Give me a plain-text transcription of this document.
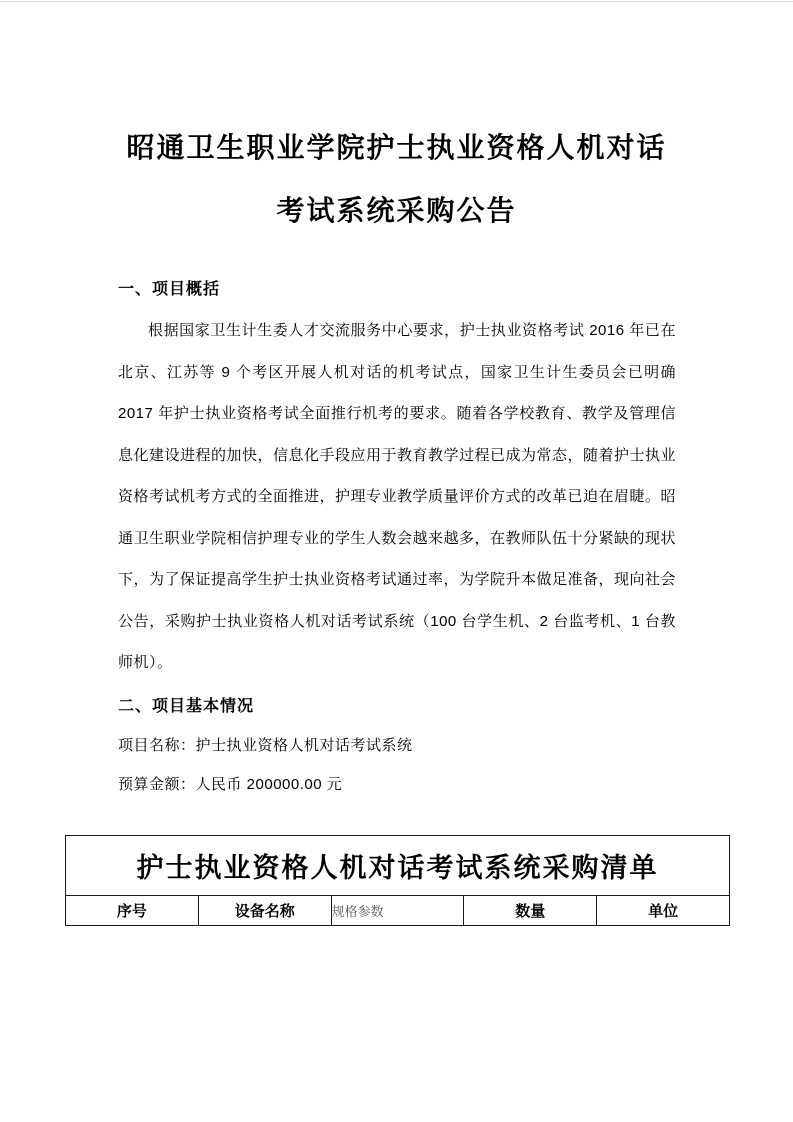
昭通卫生职业学院护士执业资格人机对话
考试系统采购公告
一、项目概括
根据国家卫生计生委人才交流服务中心要求，护士执业资格考试 2016 年已在北京、江苏等 9 个考区开展人机对话的机考试点，国家卫生计生委员会已明确 2017 年护士执业资格考试全面推行机考的要求。随着各学校教育、教学及管理信息化建设进程的加快，信息化手段应用于教育教学过程已成为常态，随着护士执业资格考试机考方式的全面推进，护理专业教学质量评价方式的改革已迫在眉睫。昭通卫生职业学院相信护理专业的学生人数会越来越多，在教师队伍十分紧缺的现状下，为了保证提高学生护士执业资格考试通过率，为学院升本做足准备，现向社会公告，采购护士执业资格人机对话考试系统（100 台学生机、2 台监考机、1 台教师机）。
二、项目基本情况
项目名称：护士执业资格人机对话考试系统
预算金额：人民币 200000.00 元
护士执业资格人机对话考试系统采购清单
序号	设备名称	规格参数	数量	单位
